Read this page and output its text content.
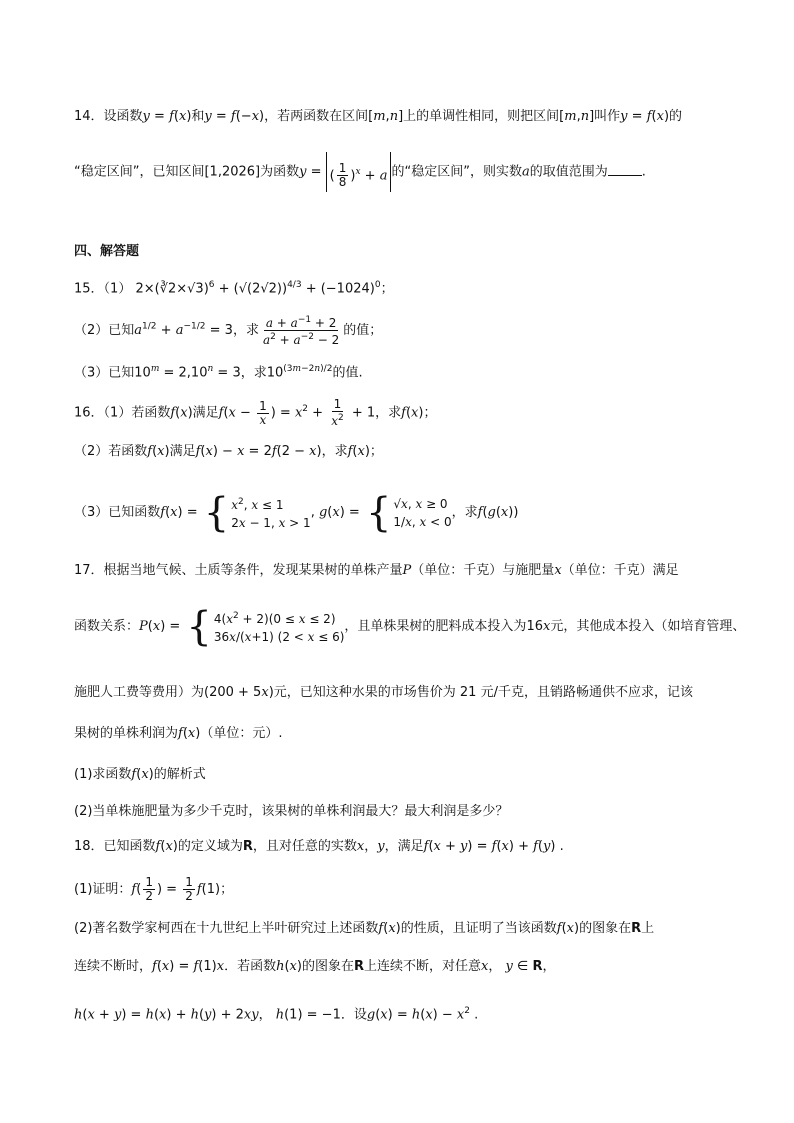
14．设函数y = f(x)和y = f(−x)，若两函数在区间[m,n]上的单调性相同，则把区间[m,n]叫作y = f(x)的
“稳定区间”，已知区间[1,2026]为函数y = ( $\frac{1}{8} )^x + a$ 的“稳定区间”，则实数a的取值范围为	.
四、解答题
15．（1） 2×(∛2×√3)$^6$ + $(√(2√2))^{4/3} + (-1024)^0$；
（2）已知$a^{1/2} + a^{-1/2} = 3$，求 $\frac{a + a^{-1} + 2}{a^2 + a^{-2} - 2}$ 的值；
（3）已知$10^m = 2,10^n = 3$，求$10^{(3m-2n)/2}$的值.
16．（1）若函数f(x)满足$f(x - \frac{1}{x}$ ) = $x^2 + \frac{1}{x^2} + 1$，求f(x)；
（2）若函数f(x)满足f(x) − x = 2f(2 − x)，求f(x)；
（3）已知函数f(x) = { $x^2$, x ≤ 1
2x − 1, x > 1
, g(x) = { √x, x ≥ 0
1/x, x < 0
，求f(g(x))
17．根据当地气候、土质等条件，发现某果树的单株产量P（单位：千克）与施肥量x（单位：千克）满足
函数关系：P(x) = { $4(x^2 + 2)(0 \le x \le 2)$
36x/(x+1) (2 < x ≤ 6)
，且单株果树的肥料成本投入为16x元，其他成本投入（如培育管理、
施肥人工费等费用）为(200 + 5x)元，已知这种水果的市场售价为 21 元/千克，且销路畅通供不应求，记该
果树的单株利润为f(x)（单位：元）.
(1)求函数f(x)的解析式
(2)当单株施肥量为多少千克时，该果树的单株利润最大？最大利润是多少？
18．已知函数f(x)的定义域为R，且对任意的实数x，y，满足f(x + y) = f(x) + f(y) .
(1)证明：$f( \frac{1}{2}$ ) = $\frac{1}{2} f(1)$；
(2)著名数学家柯西在十九世纪上半叶研究过上述函数f(x)的性质，且证明了当该函数f(x)的图象在R上
连续不断时，f(x) = f(1)x．若函数h(x)的图象在R上连续不断，对任意x， y ∈ R，
h(x + y) = h(x) + h(y) + 2xy， h(1) = −1．设$g(x) = h(x) - x^2$ .
